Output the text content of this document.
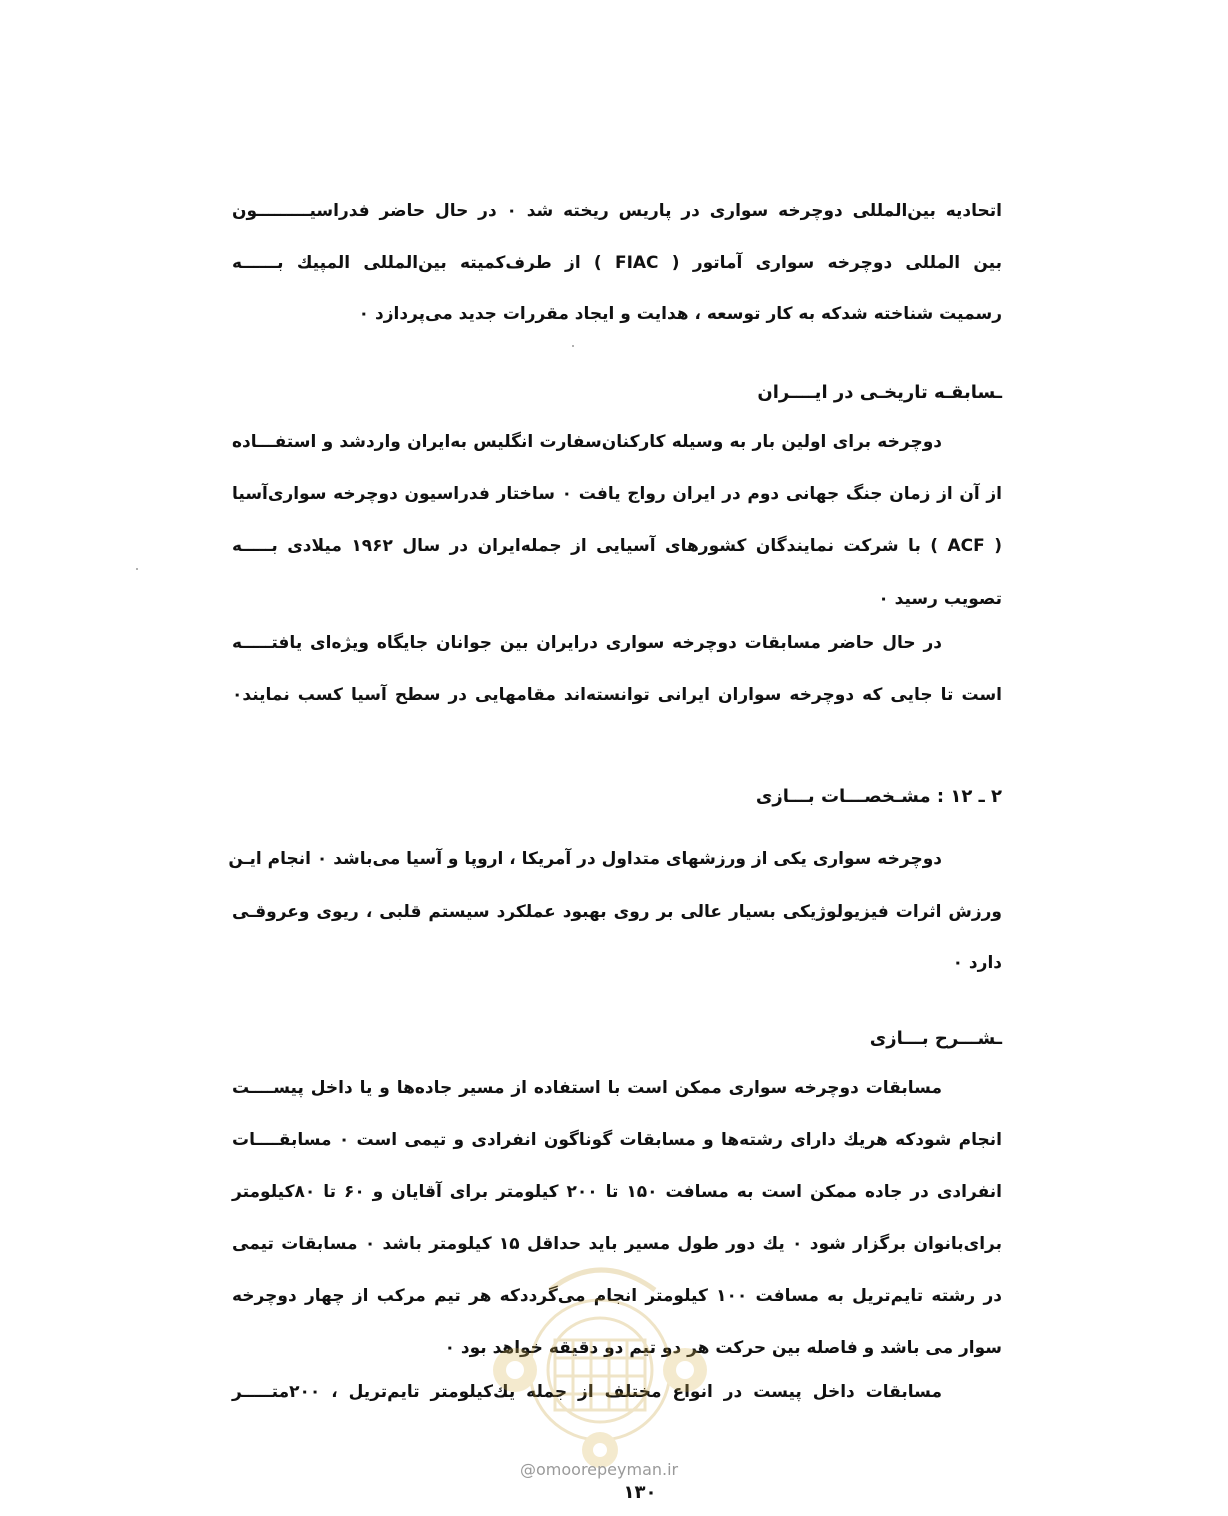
اتحادیه بین‌المللی دوچرخه سواری در پاریس ریخته شد ۰ در حال حاضر فدراسیـــــــــون
بین المللی دوچرخه سواری آماتور ( FIAC ) از طرف‌کمیته بین‌المللی المپیك بــــــه
رسمیت شناخته شدکه به کار توسعه ، هدایت و ایجاد مقررات جدید می‌پردازد ۰
ـسابقـه تاریخـی در ایــــران
دوچرخه برای اولین بار به وسیله کارکنان‌سفارت انگلیس به‌ایران وارد‌شد و استفـــاده
از آن از زمان جنگ جهانی دوم در ایران رواج یافت ۰ ساختار فدراسیون دوچرخه سواری‌آسیا
( ACF ) با شرکت نمایندگان کشورهای آسیایی از جمله‌ایران در سال ۱۹۶۲ میلادی بـــــه
تصویب رسید ۰
در حال حاضر مسابقات دوچرخه سواری درایران بین جوانان جایگاه ویژه‌ای یافتـــــه
است تا جایی که دوچرخه سواران ایرانی توانسته‌اند مقامهایی در سطح آسیا کسب نمایند۰
۲ ـ ۱۲ : مشـخصـــات بـــازی
دوچرخه سواری یکی از ورزشهای متداول در آمریکا ، اروپا و آسیا می‌باشد ۰ انجام ایـن
ورزش اثرات فیزیولوژیکی بسیار عالی بر روی بهبود عملکرد سیستم قلبی ، ریوی وعروقـی
دارد ۰
ـشـــرح بـــازی
مسابقات دوچرخه سواری ممکن است با استفاده از مسیر جاده‌ها و یا داخل پیســــت
انجام شود‌که هریك دارای رشته‌ها و مسابقات گوناگون انفرادی و تیمی است ۰ مسابقــــات
انفرادی در جاده ممکن است به مسافت ۱۵۰ تا ۲۰۰ کیلومتر برای آقایان و ۶۰ تا ۸۰کیلومتر
برای‌بانوان برگزار شود ۰ یك دور طول مسیر باید حداقل ۱۵ کیلومتر باشد ۰ مسابقات تیمی
در رشته تایم‌تریل به مسافت ۱۰۰ کیلومتر انجام می‌گردد‌که هر تیم مرکب از چهار دوچرخه
سوار می باشد و فاصله بین حرکت هر دو تیم دو دقیقه خواهد بود ۰
مسابقات داخل پیست در انواع مختلف از جمله یك‌کیلومتر تایم‌تریل ، ۲۰۰متـــــر
@omoorepeyman.ir
۱۳۰
